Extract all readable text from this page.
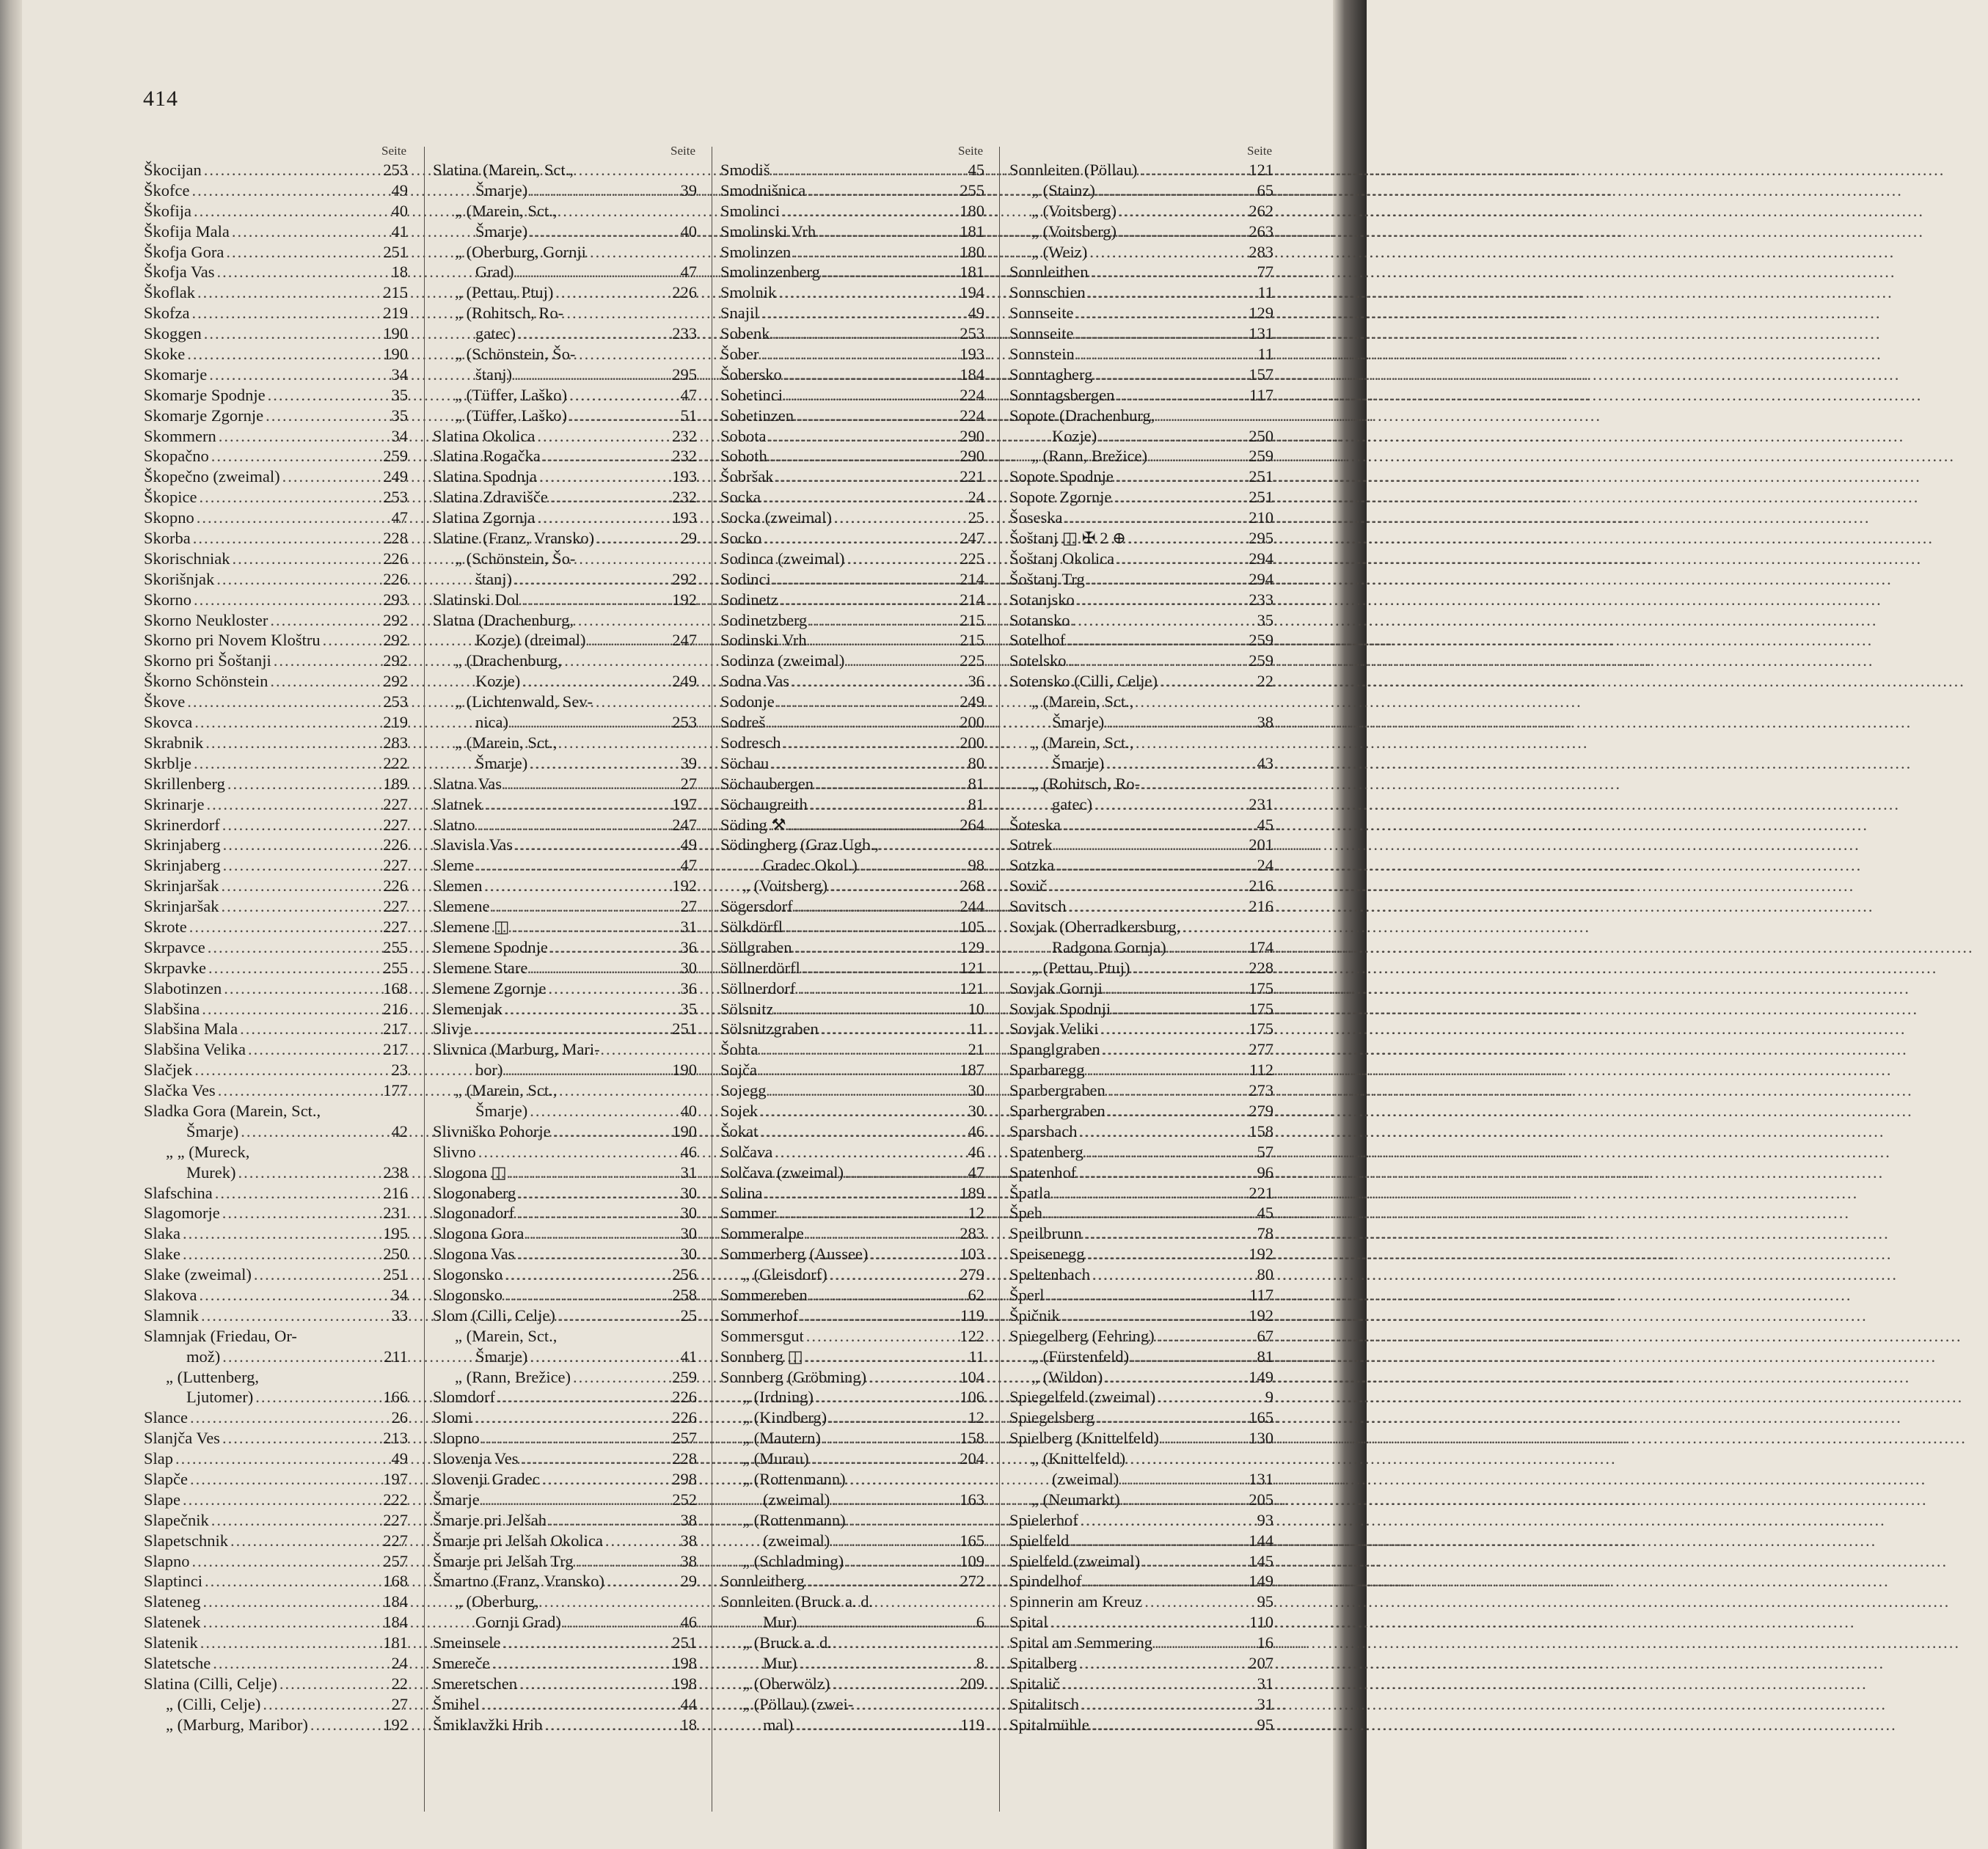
414
Seite
Škocijan .....	253
Škofce .....	49
Škofija .....	40
Škofija Mala .....	41
Škofja Gora .....	251
Škofja Vas .....	18
Škoflak .....	215
Skofza .....	219
Skoggen .....	190
Skoke .....	190
Skomarje .....	34
Skomarje Spodnje .....	35
Skomarje Zgornje .....	35
Skommern .....	34
Skopačno .....	259
Škopečno (zweimal) .....	249
Škopice .....	253
Skopno .....	47
Skorba .....	228
Skorischniak .....	226
Skorišnjak .....	226
Skorno .....	293
Skorno Neukloster .....	292
Skorno pri Novem Kloštru .....	292
Skorno pri Šoštanji .....	292
Škorno Schönstein .....	292
Škove .....	253
Skovca .....	219
Skrabnik .....	283
Skrblje .....	222
Skrillenberg .....	189
Skrinarje .....	227
Skrinerdorf .....	227
Skrinjaberg .....	226
Skrinjaberg .....	227
Skrinjaršak .....	226
Skrinjaršak .....	227
Skrote .....	227
Skrpavce .....	255
Skrpavke .....	255
Slabotinzen .....	168
Slabšina .....	216
Slabšina Mala .....	217
Slabšina Velika .....	217
Slačjek .....	23
Slačka Ves .....	177
Sladka Gora (Marein, Sct.,
Šmarje) .....	42
„ „ (Mureck,
Murek) .....	238
Slafschina .....	216
Slagomorje .....	231
Slaka .....	195
Slake .....	250
Slake (zweimal) .....	251
Slakova .....	34
Slamnik .....	33
Slamnjak (Friedau, Or-
mož) .....	211
„ (Luttenberg,
Ljutomer) .....	166
Slance .....	26
Slanjča Ves .....	213
Slap .....	49
Slapče .....	197
Slape .....	222
Slapečnik .....	227
Slapetschnik .....	227
Slapno .....	257
Slaptinci .....	168
Slateneg .....	184
Slatenek .....	184
Slatenik .....	181
Slatetsche .....	24
Slatina (Cilli, Celje) .....	22
„ (Cilli, Celje) .....	27
„ (Marburg, Maribor) .....	192
Seite
Slatina (Marein, Sct.,
Šmarje) .....	39
„ (Marein, Sct.,
Šmarje) .....	40
„ (Oberburg, Gornji
Grad) .....	47
„ (Pettau, Ptuj) .....	226
„ (Rohitsch, Ro-
gatec) .....	233
„ (Schönstein, Šo-
štanj) .....	295
„ (Tüffer, Laško) .....	47
„ (Tüffer, Laško) .....	51
Slatina Okolica .....	232
Slatina Rogačka .....	232
Slatina Spodnja .....	193
Slatina Zdravišče .....	232
Slatina Zgornja .....	193
Slatine (Franz, Vransko) .....	29
„ (Schönstein, Šo-
štanj) .....	292
Slatinski Dol .....	192
Slatna (Drachenburg,
Kozje) (dreimal) .....	247
„ (Drachenburg,
Kozje) .....	249
„ (Lichtenwald, Sev-
nica) .....	253
„ (Marein, Sct.,
Šmarje) .....	39
Slatna Vas .....	27
Slatnek .....	197
Slatno .....	247
Slavisla Vas .....	49
Sleme .....	47
Slemen .....	192
Slemene .....	27
Slemene ◫ .....	31
Slemene Spodnje .....	36
Slemene Stare .....	30
Slemene Zgornje .....	36
Slemenjak .....	35
Slivje .....	251
Slivnica (Marburg, Mari-
bor) .....	190
„ (Marein, Sct.,
Šmarje) .....	40
Slivniško Pohorje .....	190
Slivno .....	46
Slogona ◫ .....	31
Slogonaberg .....	30
Slogonadorf .....	30
Slogona Gora .....	30
Slogona Vas .....	30
Slogonsko .....	256
Slogonsko .....	258
Slom (Cilli, Celje) .....	25
„ (Marein, Sct.,
Šmarje) .....	41
„ (Rann, Brežice) .....	259
Slomdorf .....	226
Slomi .....	226
Slopno .....	257
Slovenja Ves .....	228
Slovenji Gradec .....	298
Šmarje .....	252
Šmarje pri Jelšah .....	38
Šmarje pri Jelšah Okolica .....	38
Šmarje pri Jelšah Trg .....	38
Šmartno (Franz, Vransko) .....	29
„ (Oberburg,
Gornji Grad) .....	46
Smeinsele .....	251
Smereče .....	198
Smeretschen .....	198
Šmihel .....	44
Šmiklavžki Hrib .....	18
Seite
Smodiš .....	45
Smodnišnica .....	255
Smolinci .....	180
Smolinski Vrh .....	181
Smolinzen .....	180
Smolinzenberg .....	181
Smolnik .....	194
Snajil .....	49
Sobenk .....	253
Šober .....	193
Šobersko .....	184
Sobetinci .....	224
Sobetinzen .....	224
Sobota .....	290
Soboth .....	290
Šobršak .....	221
Socka .....	24
Socka (zweimal) .....	25
Socko .....	247
Sodinca (zweimal) .....	225
Sodinci .....	214
Sodinetz .....	214
Sodinetzberg .....	215
Sodinski Vrh .....	215
Sodinza (zweimal) .....	225
Sodna Vas .....	36
Sodonje .....	249
Sodreš .....	200
Sodresch .....	200
Söchau .....	80
Söchaubergen .....	81
Söchaugreith .....	81
Söding ⚒ .....	264
Södingberg (Graz Ugb.,
Gradec Okol.) .....	98
„ (Voitsberg) .....	268
Sögersdorf .....	244
Sölkdörfl .....	105
Söllgraben .....	129
Söllnerdörfl .....	121
Söllnerdorf .....	121
Sölsnitz .....	10
Sölsnitzgraben .....	11
Šohta .....	21
Sojča .....	187
Sojegg .....	30
Sojek .....	30
Šokat .....	46
Solčava .....	46
Solčava (zweimal) .....	47
Solina .....	189
Sommer .....	12
Sommeralpe .....	283
Sommerberg (Aussee) .....	103
„ (Gleisdorf) .....	279
Sommereben .....	62
Sommerhof .....	119
Sommersgut .....	122
Sonnberg ◫ .....	11
Sonnberg (Gröbming) .....	104
„ (Irdning) .....	106
„ (Kindberg) .....	12
„ (Mautern) .....	158
„ (Murau) .....	204
„ (Rottenmann)
(zweimal) .....	163
„ (Rottenmann)
(zweimal) .....	165
„ (Schladming) .....	109
Sonnleitberg .....	272
Sonnleiten (Bruck a. d.
Mur) .....	6
„ (Bruck a. d.
Mur) .....	8
„ (Oberwölz) .....	209
„ (Pöllau) (zwei-
mal) .....	119
Seite
Sonnleiten (Pöllau) .....	121
„ (Stainz) .....	65
„ (Voitsberg) .....	262
„ (Voitsberg) .....	263
„ (Weiz) .....	283
Sonnleithen .....	77
Sonnschien .....	11
Sonnseite .....	129
Sonnseite .....	131
Sonnstein .....	11
Sonntagberg .....	157
Sonntagsbergen .....	117
Sopote (Drachenburg,
Kozje) .....	250
„ (Rann, Brežice) .....	259
Sopote Spodnje .....	251
Sopote Zgornje .....	251
Šoseska .....	210
Šoštanj ◫ ✠ 2 ⊕ .....	295
Šoštanj Okolica .....	294
Šoštanj Trg .....	294
Sotanjsko .....	233
Sotansko .....	35
Sotelhof .....	259
Sotelsko .....	259
Sotensko (Cilli, Celje) .....	22
„ (Marein, Sct.,
Šmarje) .....	38
„ (Marein, Sct.,
Šmarje) .....	43
„ (Rohitsch, Ro-
gatec) .....	231
Šoteska .....	45
Sotrek .....	201
Sotzka .....	24
Sovič .....	216
Sovitsch .....	216
Sovjak (Oberradkersburg,
Radgona Gornja) .....	174
„ (Pettau, Ptuj) .....	228
Sovjak Gornji .....	175
Sovjak Spodnji .....	175
Sovjak Veliki .....	175
Spanglgraben .....	277
Sparbaregg .....	112
Sparbergraben .....	273
Sparbergraben .....	279
Sparsbach .....	158
Spatenberg .....	57
Spatenhof .....	96
Špatla .....	221
Špeh .....	45
Speilbrunn .....	78
Speisenegg .....	192
Speltenbach .....	80
Šperl .....	117
Špičnik .....	192
Spiegelberg (Fehring) .....	67
„ (Fürstenfeld) .....	81
„ (Wildon) .....	149
Spiegelfeld (zweimal) .....	9
Spiegelsberg .....	165
Spielberg (Knittelfeld) .....	130
„ (Knittelfeld)
(zweimal) .....	131
„ (Neumarkt) .....	205
Spielerhof .....	93
Spielfeld .....	144
Spielfeld (zweimal) .....	145
Spindelhof .....	149
Spinnerin am Kreuz .....	95
Spital .....	110
Spital am Semmering .....	16
Spitalberg .....	207
Spitalič .....	31
Spitalitsch .....	31
Spitalmühle .....	95
